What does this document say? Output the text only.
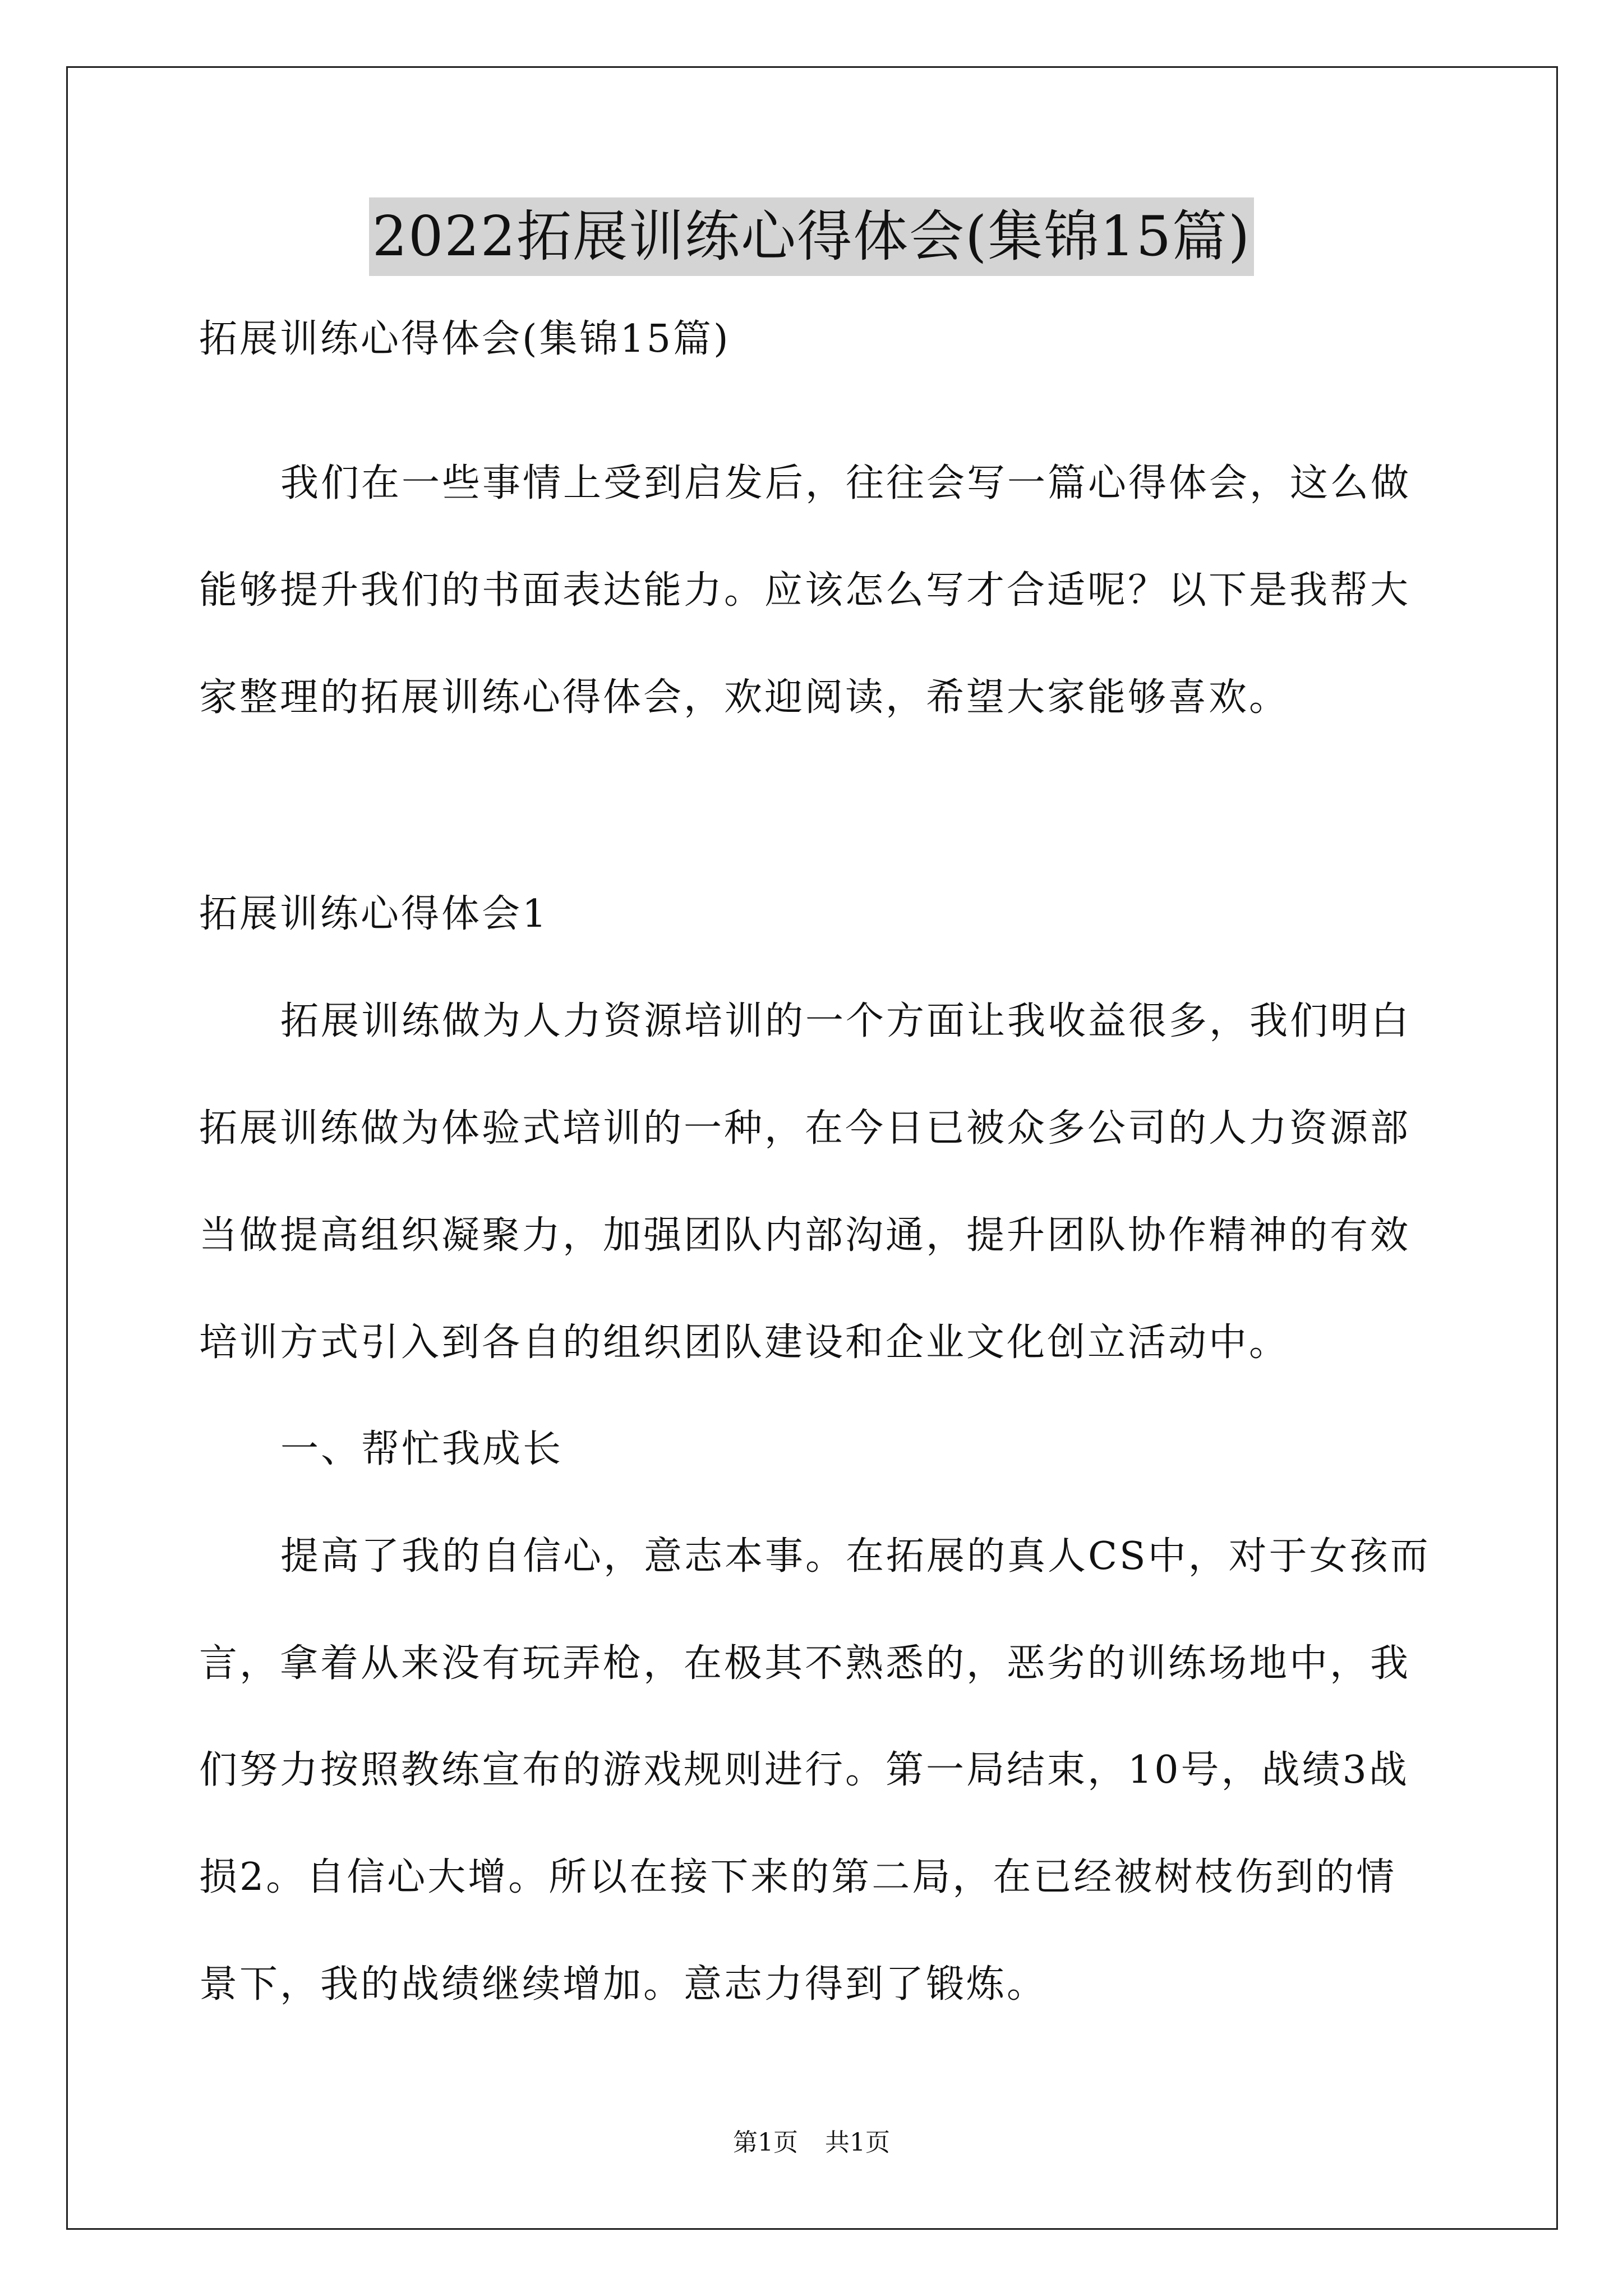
2022拓展训练心得体会(集锦15篇)
拓展训练心得体会(集锦15篇)
我们在一些事情上受到启发后，往往会写一篇心得体会，这么做
能够提升我们的书面表达能力。应该怎么写才合适呢？以下是我帮大
家整理的拓展训练心得体会，欢迎阅读，希望大家能够喜欢。
拓展训练心得体会1
拓展训练做为人力资源培训的一个方面让我收益很多，我们明白
拓展训练做为体验式培训的一种，在今日已被众多公司的人力资源部
当做提高组织凝聚力，加强团队内部沟通，提升团队协作精神的有效
培训方式引入到各自的组织团队建设和企业文化创立活动中。
一、帮忙我成长
提高了我的自信心，意志本事。在拓展的真人CS中，对于女孩而
言，拿着从来没有玩弄枪，在极其不熟悉的，恶劣的训练场地中，我
们努力按照教练宣布的游戏规则进行。第一局结束，10号，战绩3战
损2。自信心大增。所以在接下来的第二局，在已经被树枝伤到的情
景下，我的战绩继续增加。意志力得到了锻炼。
第1页 共1页
